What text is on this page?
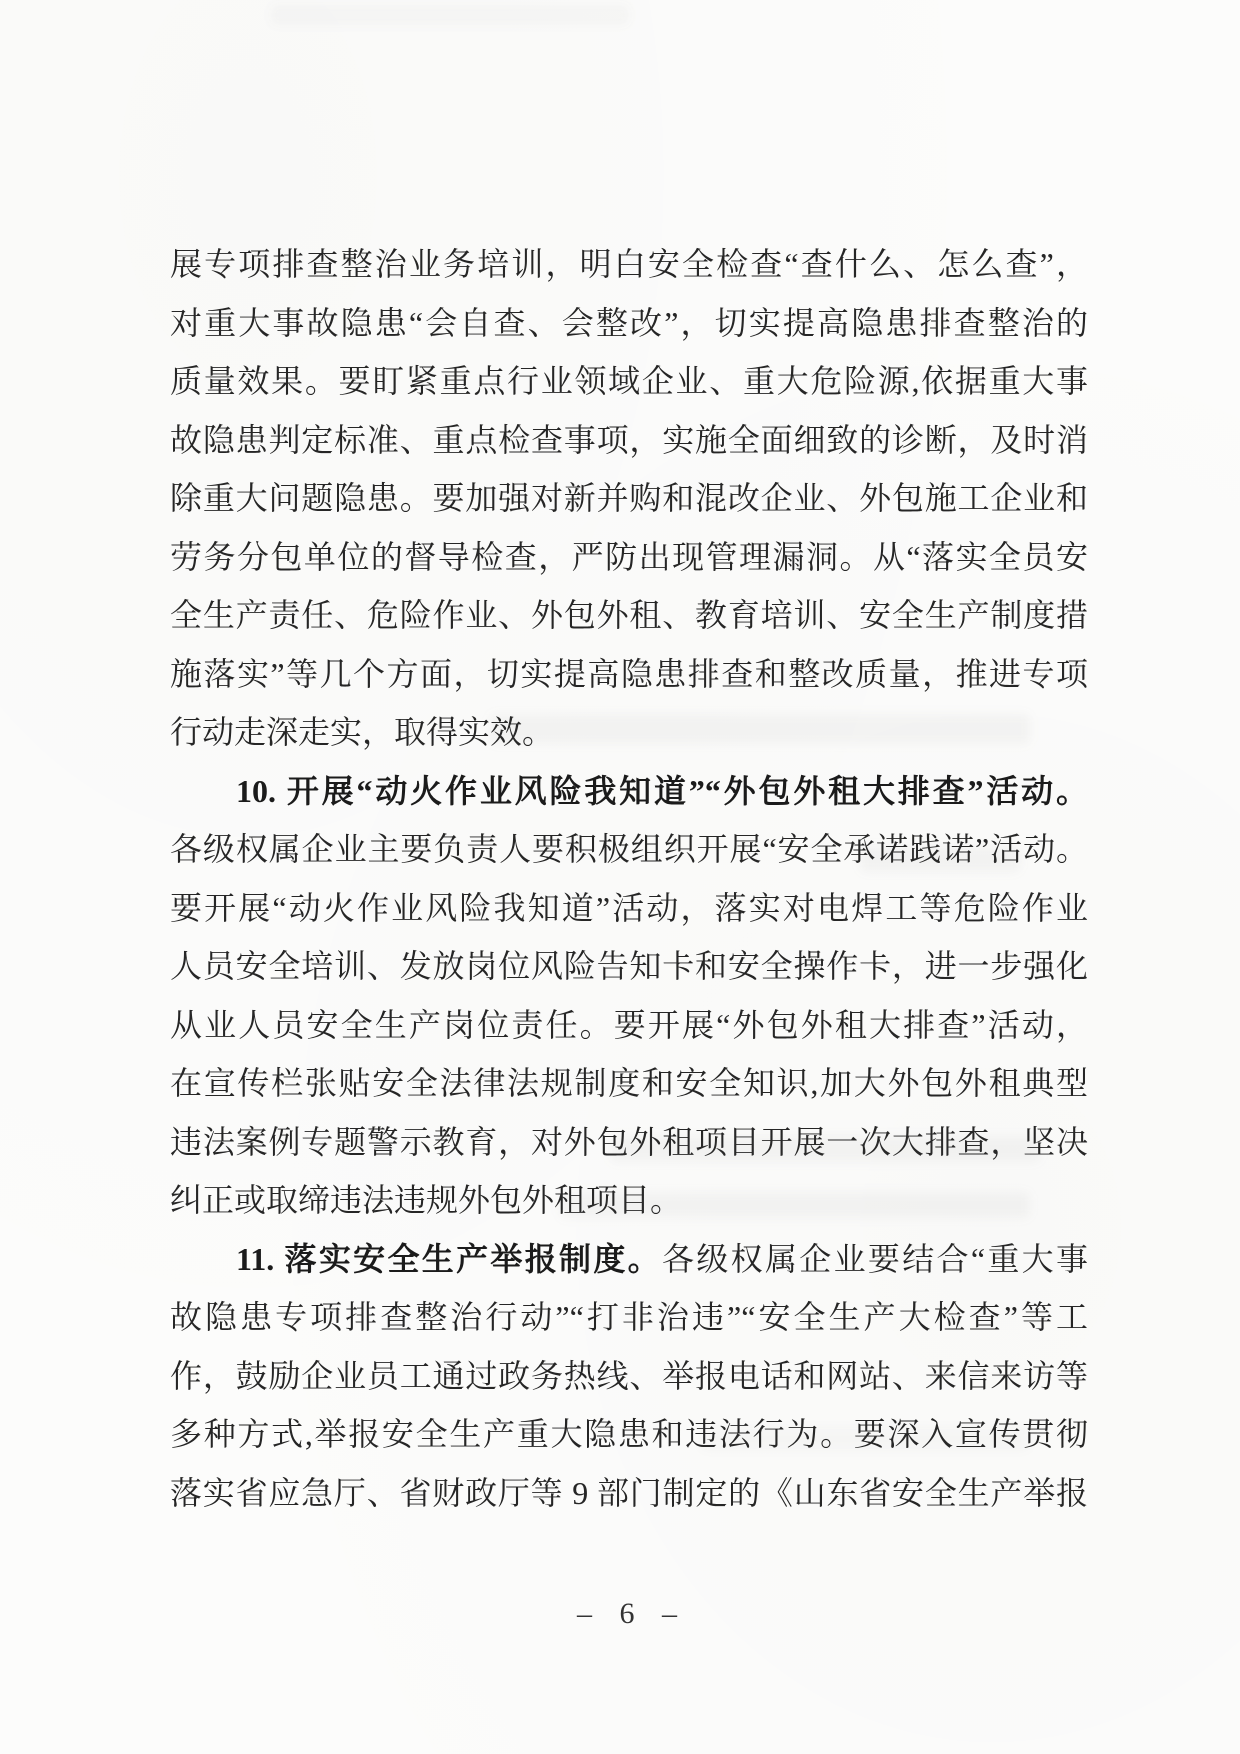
展专项排查整治业务培训，明白安全检查“查什么、怎么查”，
对重大事故隐患“会自查、会整改”，切实提高隐患排查整治的
质量效果。要盯紧重点行业领域企业、重大危险源,依据重大事
故隐患判定标准、重点检查事项，实施全面细致的诊断，及时消
除重大问题隐患。要加强对新并购和混改企业、外包施工企业和
劳务分包单位的督导检查，严防出现管理漏洞。从“落实全员安
全生产责任、危险作业、外包外租、教育培训、安全生产制度措
施落实”等几个方面，切实提高隐患排查和整改质量，推进专项
行动走深走实，取得实效。
10. 开展“动火作业风险我知道”“外包外租大排查”活动。
各级权属企业主要负责人要积极组织开展“安全承诺践诺”活动。
要开展“动火作业风险我知道”活动，落实对电焊工等危险作业
人员安全培训、发放岗位风险告知卡和安全操作卡，进一步强化
从业人员安全生产岗位责任。要开展“外包外租大排查”活动，
在宣传栏张贴安全法律法规制度和安全知识,加大外包外租典型
违法案例专题警示教育，对外包外租项目开展一次大排查，坚决
纠正或取缔违法违规外包外租项目。
11. 落实安全生产举报制度。各级权属企业要结合“重大事
故隐患专项排查整治行动”“打非治违”“安全生产大检查”等工
作，鼓励企业员工通过政务热线、举报电话和网站、来信来访等
多种方式,举报安全生产重大隐患和违法行为。要深入宣传贯彻
落实省应急厅、省财政厅等 9 部门制定的《山东省安全生产举报
– 6 –
